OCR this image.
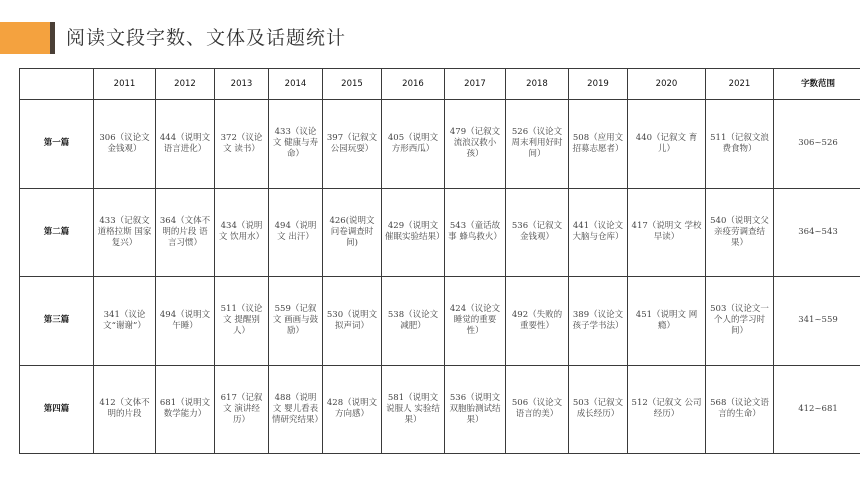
阅读文段字数、文体及话题统计
	2011	2012	2013	2014	2015	2016	2017	2018	2019	2020	2021	字数范围
第一篇	306（议论文金钱观）	444（说明文语言进化）	372（议论文 读书）	433（议论文 健康与寿命）	397（记叙文公园玩耍）	405（说明文方形西瓜）	479（记叙文流浪汉救小孩）	526（议论文周末利用好时间）	508（应用文招募志愿者）	440（记叙文 育儿）	511（记叙文浪费食物）	306~526
第二篇	433（记叙文道格拉斯 国家复兴）	364（文体不明的片段 语言习惯）	434（说明文 饮用水）	494（说明文 出汗）	426(说明文问卷调查时间)	429（说明文催眠实验结果）	543（童话故事 蜂鸟救火）	536（记叙文金钱观）	441（议论文大脑与仓库）	417（说明文 学校早读）	540（说明文父亲疫劳调查结果）	364~543
第三篇	341（议论文“谢谢”）	494（说明文午睡）	511（议论文 提醒别人）	559（记叙文 画画与鼓励）	530（说明文拟声词）	538（议论文减肥）	424（议论文睡觉的重要性）	492（失败的重要性）	389（议论文孩子学书法）	451（说明文 网瘾）	503（议论文一个人的学习时间）	341~559
第四篇	412（文体不明的片段	681（说明文数学能力）	617（记叙文 演讲经历）	488（说明文 婴儿看表情研究结果）	428（说明文方向感）	581（说明文说服人 实验结果）	536（说明文双胞胎测试结果）	506（议论文语言的美）	503（记叙文成长经历）	512（记叙文 公司经历）	568（议论文语言的生命）	412~681
